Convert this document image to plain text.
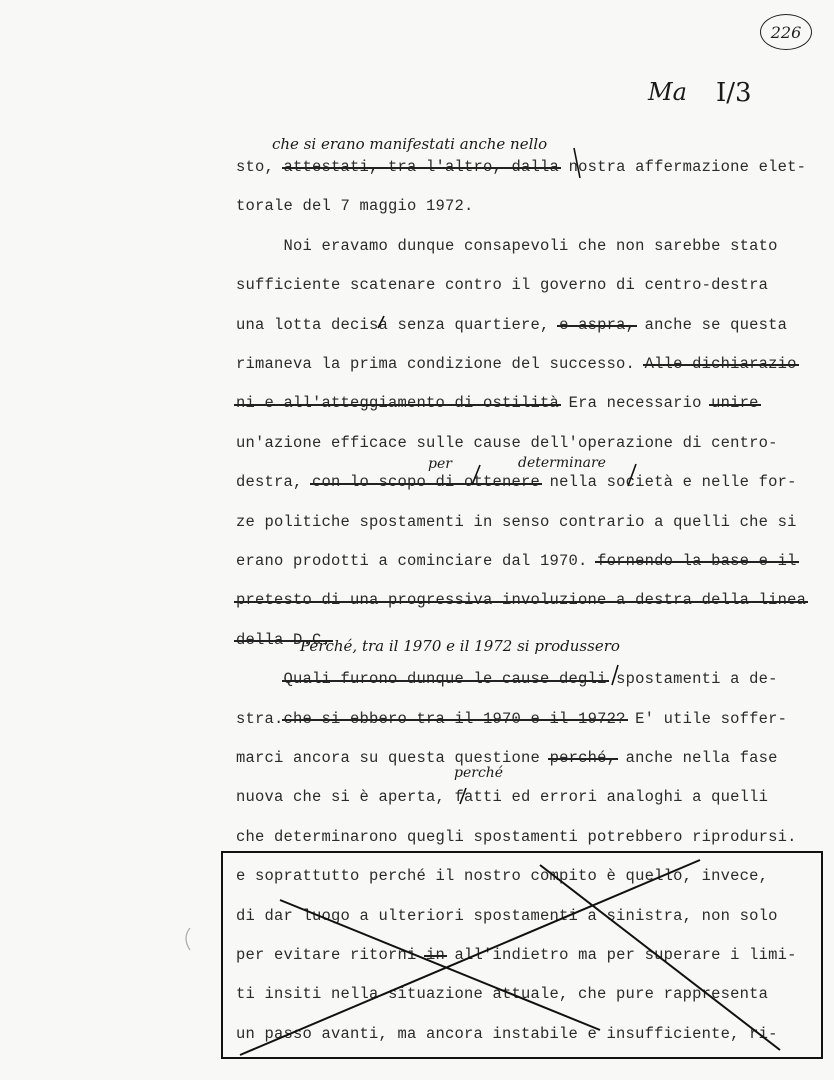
226
Ma I/3
che si erano manifestati anche nello
per	determinare
Perché, tra il 1970 e il 1972 si produssero
perché
sto, attestati, tra l'altro, dalla nostra affermazione elet-
torale del 7 maggio 1972.
Noi eravamo dunque consapevoli che non sarebbe stato
sufficiente scatenare contro il governo di centro-destra
una lotta decisa senza quartiere, e aspra, anche se questa
rimaneva la prima condizione del successo. Alle dichiarazio
ni e all'atteggiamento di ostilità Era necessario unire
un'azione efficace sulle cause dell'operazione di centro-
destra, con lo scopo di ottenere nella società e nelle for-
ze politiche spostamenti in senso contrario a quelli che si
erano prodotti a cominciare dal 1970. fornendo la base e il
pretesto di una progressiva involuzione a destra della linea
della D.C.
Quali furono dunque le cause degli spostamenti a de-
stra.che si ebbero tra il 1970 e il 1972? E' utile soffer-
marci ancora su questa questione perché, anche nella fase
nuova che si è aperta, fatti ed errori analoghi a quelli
che determinarono quegli spostamenti potrebbero riprodursi.
e soprattutto perché il nostro compito è quello, invece,
di dar luogo a ulteriori spostamenti a sinistra, non solo
per evitare ritorni in all'indietro ma per superare i limi-
ti insiti nella situazione attuale, che pure rappresenta
un passo avanti, ma ancora instabile e insufficiente, ri-
